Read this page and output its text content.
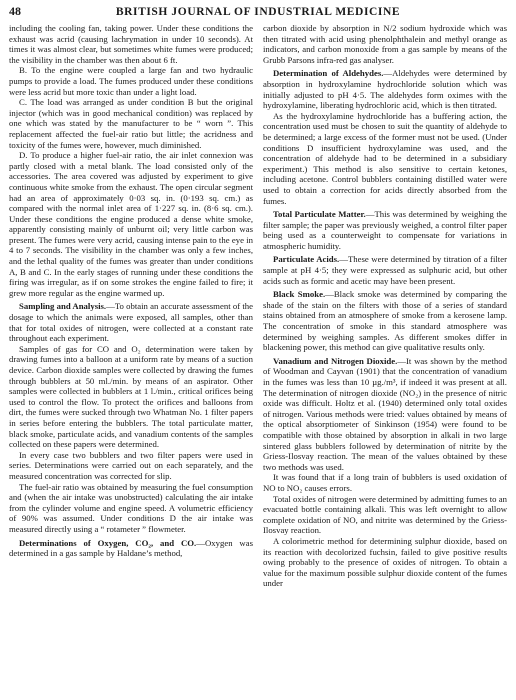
48	BRITISH JOURNAL OF INDUSTRIAL MEDICINE

including the cooling fan, taking power. Under these conditions the exhaust was acrid (causing lachrymation in under 10 seconds). At times it was almost clear, but sometimes white fumes were produced; the visibility in the chamber was then about 6 ft.

B. To the engine were coupled a large fan and two hydraulic pumps to provide a load. The fumes produced under these conditions were less acrid but more toxic than under a light load.

C. The load was arranged as under condition B but the original injector (which was in good mechanical condition) was replaced by one which was stated by the manufacturer to be “ worn ”. This replacement affected the fuel-air ratio but little; the acridness and toxicity of the fumes were, however, much diminished.

D. To produce a higher fuel-air ratio, the air inlet connexion was partly closed with a metal blank. The load consisted only of the accessories. The area covered was adjusted by experiment to give continuous white smoke from the exhaust. The open circular segment had an area of approximately 0·03 sq. in. (0·193 sq. cm.) as compared with the normal inlet area of 1·227 sq. in. (8·6 sq. cm.). Under these conditions the engine produced a dense white smoke, apparently consisting mainly of unburnt oil; very little carbon was present. The fumes were very acrid, causing intense pain to the eye in 4 to 7 seconds. The visibility in the chamber was only a few inches, and the lethal quality of the fumes was greater than under conditions A, B and C. In the early stages of running under these conditions the firing was irregular, as if on some strokes the engine failed to fire; it grew more regular as the engine warmed up.

Sampling and Analysis.—To obtain an accurate assessment of the dosage to which the animals were exposed, all samples, other than that for total oxides of nitrogen, were collected at a constant rate throughout each experiment.

Samples of gas for CO and O₂ determination were taken by drawing fumes into a balloon at a uniform rate by means of a suction device. Carbon dioxide samples were collected by drawing the fumes through bubblers at 50 ml./min. by means of an aspirator. Other samples were collected in bubblers at 1 l./min., critical orifices being used to control the flow. To protect the orifices and balloons from dirt, the fumes were sucked through two Whatman No. 1 filter papers in series before entering the bubblers. The total particulate matter, black smoke, particulate acids, and vanadium contents of the samples collected on these papers were determined.

In every case two bubblers and two filter papers were used in series. Determinations were carried out on each separately, and the measured concentration was corrected for slip.

The fuel-air ratio was obtained by measuring the fuel consumption and (when the air intake was unobstructed) calculating the air intake from the cylinder volume and engine speed. A volumetric efficiency of 90% was assumed. Under conditions D the air intake was measured directly using a “ rotameter ” flowmeter.

Determinations of Oxygen, CO₂, and CO.—Oxygen was determined in a gas sample by Haldane’s method,

carbon dioxide by absorption in N/2 sodium hydroxide which was then titrated with acid using phenolphthalein and methyl orange as indicators, and carbon monoxide from a gas sample by means of the Grubb Parsons infra-red gas analyser.

Determination of Aldehydes.—Aldehydes were determined by absorption in hydroxylamine hydrochloride solution which was initially adjusted to pH 4·5. The aldehydes form oximes with the hydroxylamine, liberating hydrochloric acid, which is then titrated.

As the hydroxylamine hydrochloride has a buffering action, the concentration used must be chosen to suit the quantity of aldehyde to be determined; a large excess of the former must not be used. (Under conditions D insufficient hydroxylamine was used, and the concentration of aldehyde had to be determined in a subsidiary experiment.) This method is also sensitive to certain ketones, including acetone. Control bubblers containing distilled water were used to obtain a correction for acids directly absorbed from the fumes.

Total Particulate Matter.—This was determined by weighing the filter sample; the paper was previously weighed, a control filter paper being used as a counterweight to compensate for variations in atmospheric humidity.

Particulate Acids.—These were determined by titration of a filter sample at pH 4·5; they were expressed as sulphuric acid, but other acids such as formic and acetic may have been present.

Black Smoke.—Black smoke was determined by comparing the shade of the stain on the filters with those of a series of standard stains obtained from an atmosphere of smoke from a kerosene lamp. The concentration of smoke in this standard atmosphere was determined by weighing samples. As different smokes differ in blackening power, this method can give qualitative results only.

Vanadium and Nitrogen Dioxide.—It was shown by the method of Woodman and Cayvan (1901) that the concentration of vanadium in the fumes was less than 10 µg./m³, if indeed it was present at all. The determination of nitrogen dioxide (NO₂) in the presence of nitric oxide was difficult. Holtz et al. (1940) determined only total oxides of nitrogen. Various methods were tried: values obtained by means of the optical absorptiometer of Sinkinson (1954) were found to be compatible with those obtained by absorption in alkali in two large sintered glass bubblers followed by determination of nitrite by the Griess-Ilosvay reaction. The mean of the values obtained by these two methods was used.

It was found that if a long train of bubblers is used oxidation of NO to NO₂ causes errors.

Total oxides of nitrogen were determined by admitting fumes to an evacuated bottle containing alkali. This was left overnight to allow complete oxidation of NO, and nitrite was determined by the Griess-Ilosvay reaction.

A colorimetric method for determining sulphur dioxide, based on its reaction with decolorized fuchsin, failed to give positive results owing probably to the presence of oxides of nitrogen. To obtain a value for the maximum possible sulphur dioxide content of the fumes under
